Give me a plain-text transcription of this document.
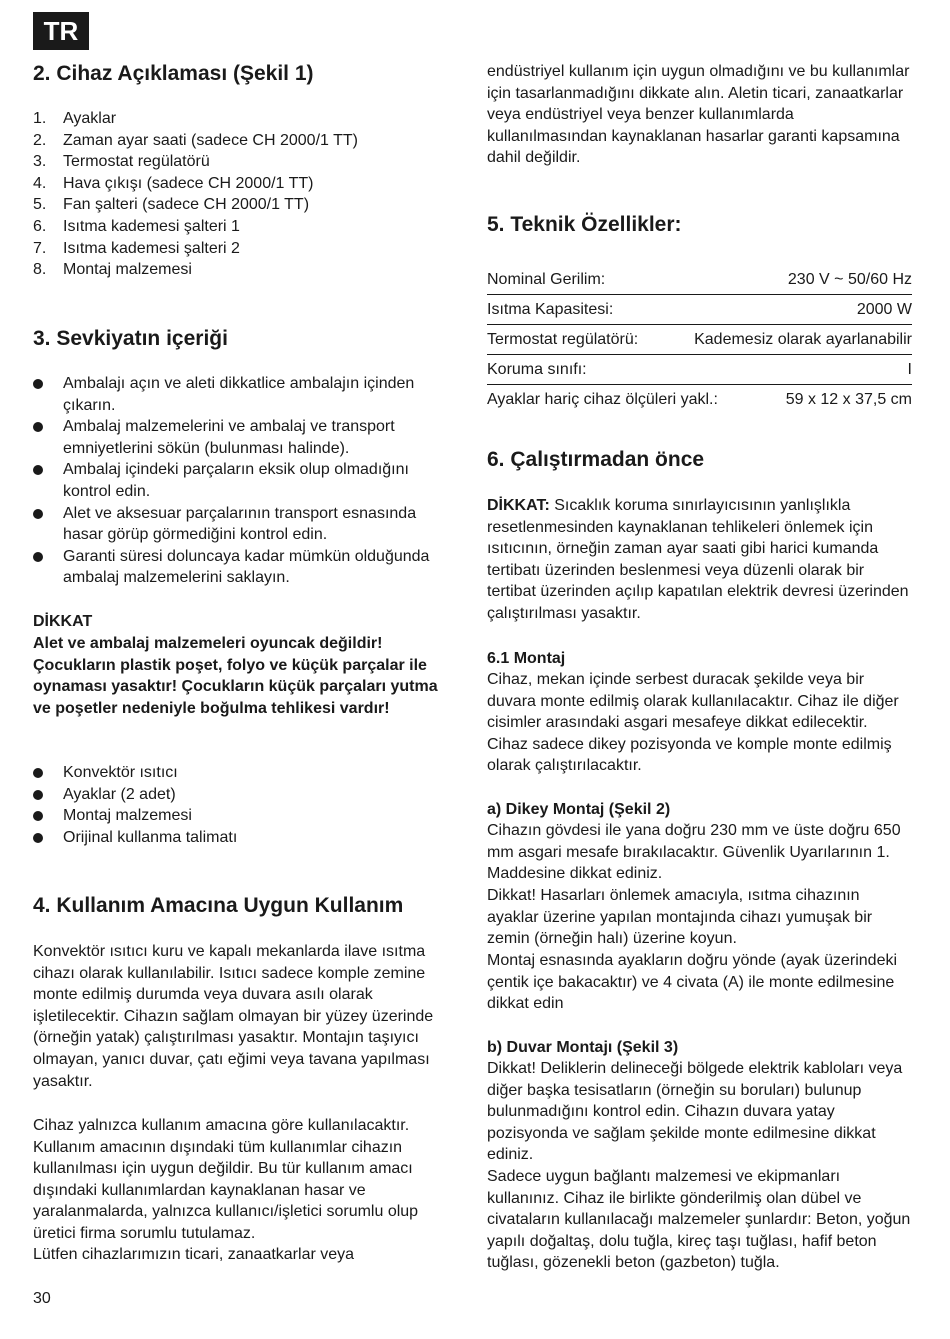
TR
2. Cihaz Açıklaması (Şekil 1)
1. Ayaklar
2. Zaman ayar saati (sadece CH 2000/1 TT)
3. Termostat regülatörü
4. Hava çıkışı (sadece CH 2000/1 TT)
5. Fan şalteri (sadece CH 2000/1 TT)
6. Isıtma kademesi şalteri 1
7. Isıtma kademesi şalteri 2
8. Montaj malzemesi
3. Sevkiyatın içeriği
Ambalajı açın ve aleti dikkatlice ambalajın içinden çıkarın.
Ambalaj malzemelerini ve ambalaj ve transport emniyetlerini sökün (bulunması halinde).
Ambalaj içindeki parçaların eksik olup olmadığını kontrol edin.
Alet ve aksesuar parçalarının transport esnasında hasar görüp görmediğini kontrol edin.
Garanti süresi doluncaya kadar mümkün olduğunda ambalaj malzemelerini saklayın.
DİKKAT
Alet ve ambalaj malzemeleri oyuncak değildir! Çocukların plastik poşet, folyo ve küçük parçalar ile oynaması yasaktır! Çocukların küçük parçaları yutma ve poşetler nedeniyle boğulma tehlikesi vardır!
Konvektör ısıtıcı
Ayaklar (2 adet)
Montaj malzemesi
Orijinal kullanma talimatı
4. Kullanım Amacına Uygun Kullanım
Konvektör ısıtıcı kuru ve kapalı mekanlarda ilave ısıtma cihazı olarak kullanılabilir. Isıtıcı sadece komple zemine monte edilmiş durumda veya duvara asılı olarak işletilecektir. Cihazın sağlam olmayan bir yüzey üzerinde (örneğin yatak) çalıştırılması yasaktır. Montajın taşıyıcı olmayan, yanıcı duvar, çatı eğimi veya tavana yapılması yasaktır.
Cihaz yalnızca kullanım amacına göre kullanılacaktır. Kullanım amacının dışındaki tüm kullanımlar cihazın kullanılması için uygun değildir. Bu tür kullanım amacı dışındaki kullanımlardan kaynaklanan hasar ve yaralanmalarda, yalnızca kullanıcı/işletici sorumlu olup üretici firma sorumlu tutulamaz.
Lütfen cihazlarımızın ticari, zanaatkarlar veya
30
endüstriyel kullanım için uygun olmadığını ve bu kullanımlar için tasarlanmadığını dikkate alın. Aletin ticari, zanaatkarlar veya endüstriyel veya benzer kullanımlarda kullanılmasından kaynaklanan hasarlar garanti kapsamına dahil değildir.
5. Teknik Özellikler:
Nominal Gerilim:	230 V ~ 50/60 Hz
Isıtma Kapasitesi:	2000 W
Termostat regülatörü:	Kademesiz olarak ayarlanabilir
Koruma sınıfı:	I
Ayaklar hariç cihaz ölçüleri yakl.:	59 x 12 x 37,5 cm
6. Çalıştırmadan önce
DİKKAT: Sıcaklık koruma sınırlayıcısının yanlışlıkla resetlenmesinden kaynaklanan tehlikeleri önlemek için ısıtıcının, örneğin zaman ayar saati gibi harici kumanda tertibatı üzerinden beslenmesi veya düzenli olarak bir tertibat üzerinden açılıp kapatılan elektrik devresi üzerinden çalıştırılması yasaktır.
6.1 Montaj
Cihaz, mekan içinde serbest duracak şekilde veya bir duvara monte edilmiş olarak kullanılacaktır. Cihaz ile diğer cisimler arasındaki asgari mesafeye dikkat edilecektir. Cihaz sadece dikey pozisyonda ve komple monte edilmiş olarak çalıştırılacaktır.
a) Dikey Montaj (Şekil 2)
Cihazın gövdesi ile yana doğru 230 mm ve üste doğru 650 mm asgari mesafe bırakılacaktır. Güvenlik Uyarılarının 1. Maddesine dikkat ediniz.
Dikkat! Hasarları önlemek amacıyla, ısıtma cihazının ayaklar üzerine yapılan montajında cihazı yumuşak bir zemin (örneğin halı) üzerine koyun.
Montaj esnasında ayakların doğru yönde (ayak üzerindeki çentik içe bakacaktır) ve 4 civata (A) ile monte edilmesine dikkat edin
b) Duvar Montajı (Şekil 3)
Dikkat! Deliklerin delineceği bölgede elektrik kabloları veya diğer başka tesisatların (örneğin su boruları) bulunup bulunmadığını kontrol edin. Cihazın duvara yatay pozisyonda ve sağlam şekilde monte edilmesine dikkat ediniz.
Sadece uygun bağlantı malzemesi ve ekipmanları kullanınız. Cihaz ile birlikte gönderilmiş olan dübel ve civataların kullanılacağı malzemeler şunlardır: Beton, yoğun yapılı doğaltaş, dolu tuğla, kireç taşı tuğlası, hafif beton tuğlası, gözenekli beton (gazbeton) tuğla.
